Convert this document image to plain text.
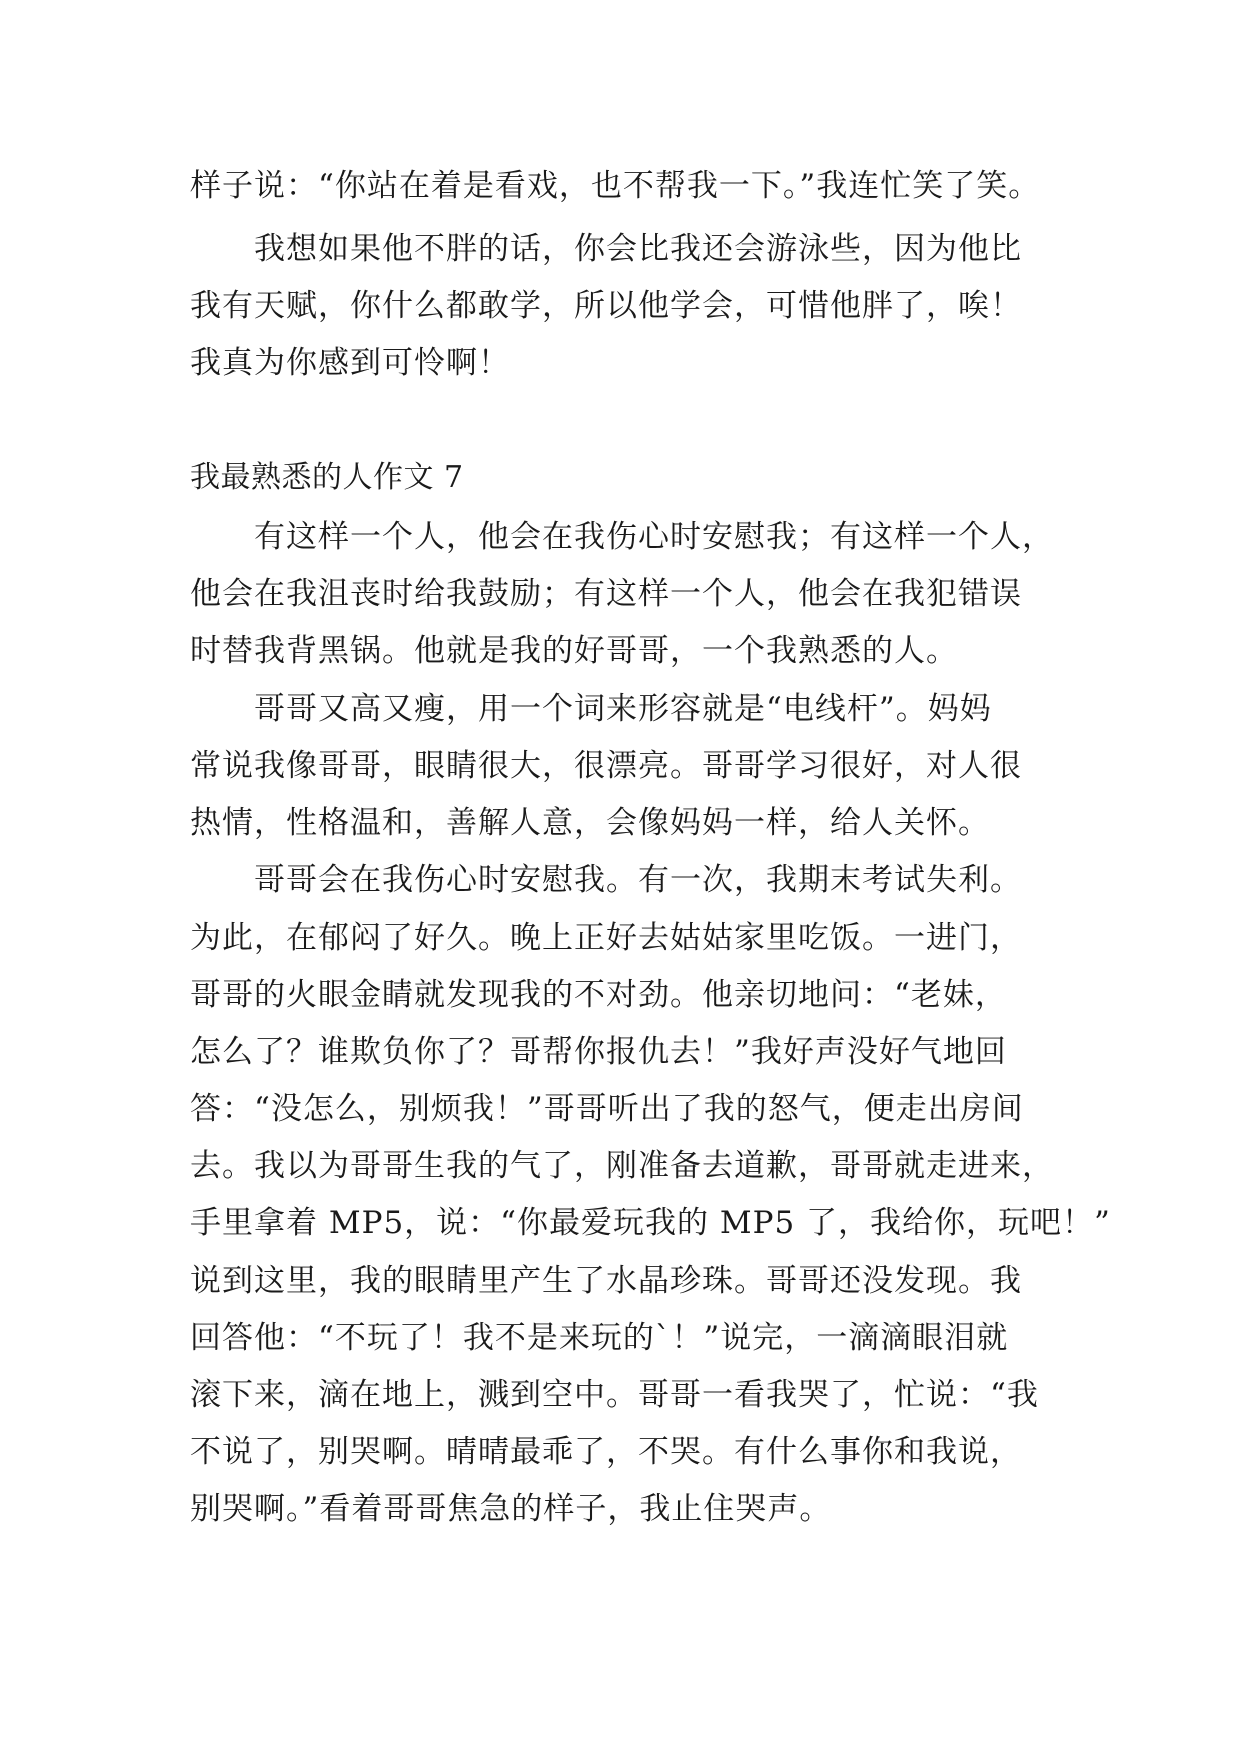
样子说：“你站在着是看戏，也不帮我一下。”我连忙笑了笑。
我想如果他不胖的话，你会比我还会游泳些，因为他比
我有天赋，你什么都敢学，所以他学会，可惜他胖了，唉！
我真为你感到可怜啊！
我最熟悉的人作文 7
有这样一个人，他会在我伤心时安慰我；有这样一个人，
他会在我沮丧时给我鼓励；有这样一个人，他会在我犯错误
时替我背黑锅。他就是我的好哥哥，一个我熟悉的人。
哥哥又高又瘦，用一个词来形容就是“电线杆”。妈妈
常说我像哥哥，眼睛很大，很漂亮。哥哥学习很好，对人很
热情，性格温和，善解人意，会像妈妈一样，给人关怀。
哥哥会在我伤心时安慰我。有一次，我期末考试失利。
为此，在郁闷了好久。晚上正好去姑姑家里吃饭。一进门，
哥哥的火眼金睛就发现我的不对劲。他亲切地问：“老妹，
怎么了？谁欺负你了？哥帮你报仇去！”我好声没好气地回
答：“没怎么，别烦我！”哥哥听出了我的怒气，便走出房间
去。我以为哥哥生我的气了，刚准备去道歉，哥哥就走进来，
手里拿着 MP5，说：“你最爱玩我的 MP5 了，我给你，玩吧！”
说到这里，我的眼睛里产生了水晶珍珠。哥哥还没发现。我
回答他：“不玩了！我不是来玩的`！”说完，一滴滴眼泪就
滚下来，滴在地上，溅到空中。哥哥一看我哭了，忙说：“我
不说了，别哭啊。晴晴最乖了，不哭。有什么事你和我说，
别哭啊。”看着哥哥焦急的样子，我止住哭声。
